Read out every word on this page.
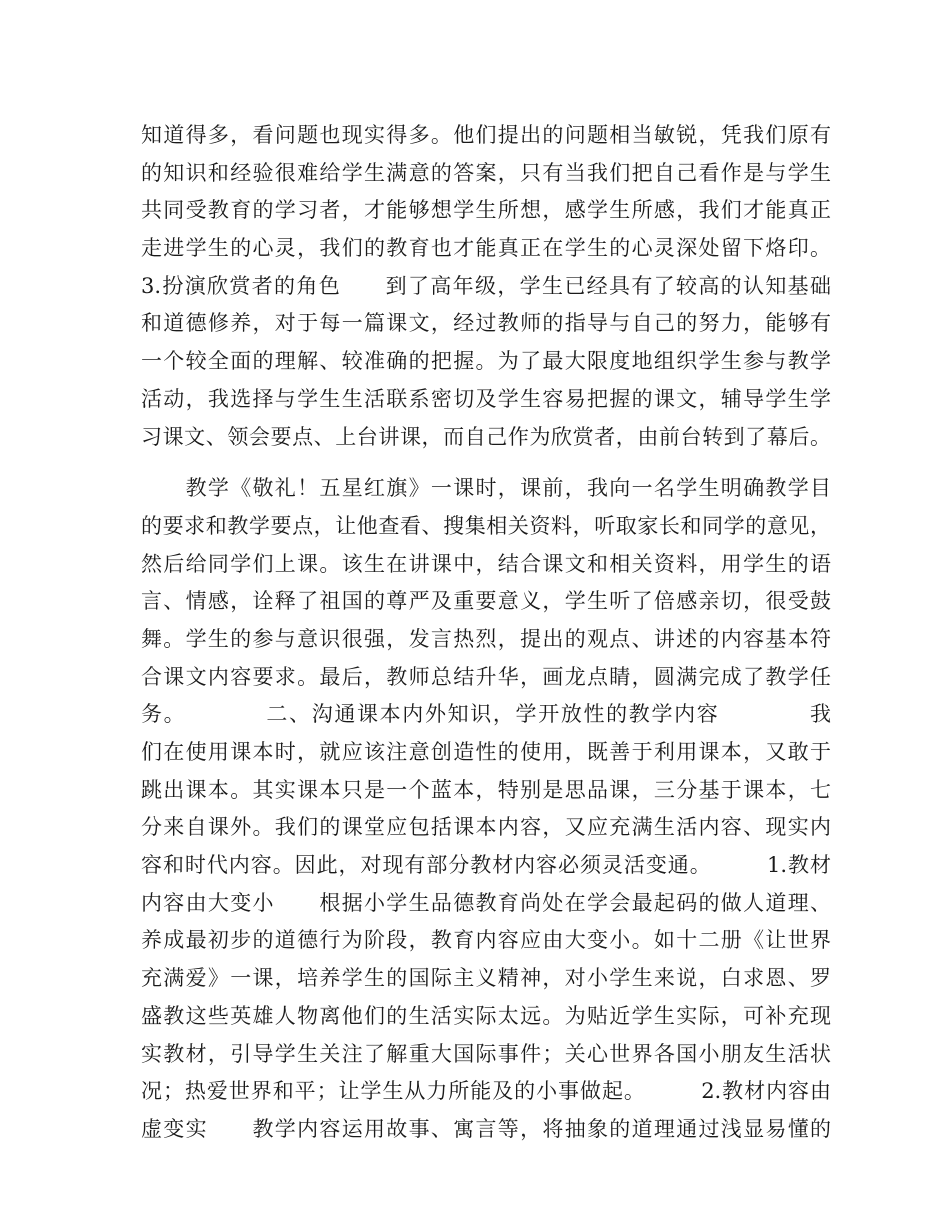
知道得多，看问题也现实得多。他们提出的问题相当敏锐，凭我们原有
的知识和经验很难给学生满意的答案，只有当我们把自己看作是与学生
共同受教育的学习者，才能够想学生所想，感学生所感，我们才能真正
走进学生的心灵，我们的教育也才能真正在学生的心灵深处留下烙印。
3.扮演欣赏者的角色　　到了高年级，学生已经具有了较高的认知基础
和道德修养，对于每一篇课文，经过教师的指导与自己的努力，能够有
一个较全面的理解、较准确的把握。为了最大限度地组织学生参与教学
活动，我选择与学生生活联系密切及学生容易把握的课文，辅导学生学
习课文、领会要点、上台讲课，而自己作为欣赏者，由前台转到了幕后。
　　教学《敬礼！五星红旗》一课时，课前，我向一名学生明确教学目
的要求和教学要点，让他查看、搜集相关资料，听取家长和同学的意见，
然后给同学们上课。该生在讲课中，结合课文和相关资料，用学生的语
言、情感，诠释了祖国的尊严及重要意义，学生听了倍感亲切，很受鼓
舞。学生的参与意识很强，发言热烈，提出的观点、讲述的内容基本符
合课文内容要求。最后，教师总结升华，画龙点睛，圆满完成了教学任
务。　　　　二、沟通课本内外知识，学开放性的教学内容　　　　我
们在使用课本时，就应该注意创造性的使用，既善于利用课本，又敢于
跳出课本。其实课本只是一个蓝本，特别是思品课，三分基于课本，七
分来自课外。我们的课堂应包括课本内容，又应充满生活内容、现实内
容和时代内容。因此，对现有部分教材内容必须灵活变通。　　　1.教材
内容由大变小　　根据小学生品德教育尚处在学会最起码的做人道理、
养成最初步的道德行为阶段，教育内容应由大变小。如十二册《让世界
充满爱》一课，培养学生的国际主义精神，对小学生来说，白求恩、罗
盛教这些英雄人物离他们的生活实际太远。为贴近学生实际，可补充现
实教材，引导学生关注了解重大国际事件；关心世界各国小朋友生活状
况；热爱世界和平；让学生从力所能及的小事做起。　　　2.教材内容由
虚变实　　教学内容运用故事、寓言等，将抽象的道理通过浅显易懂的
